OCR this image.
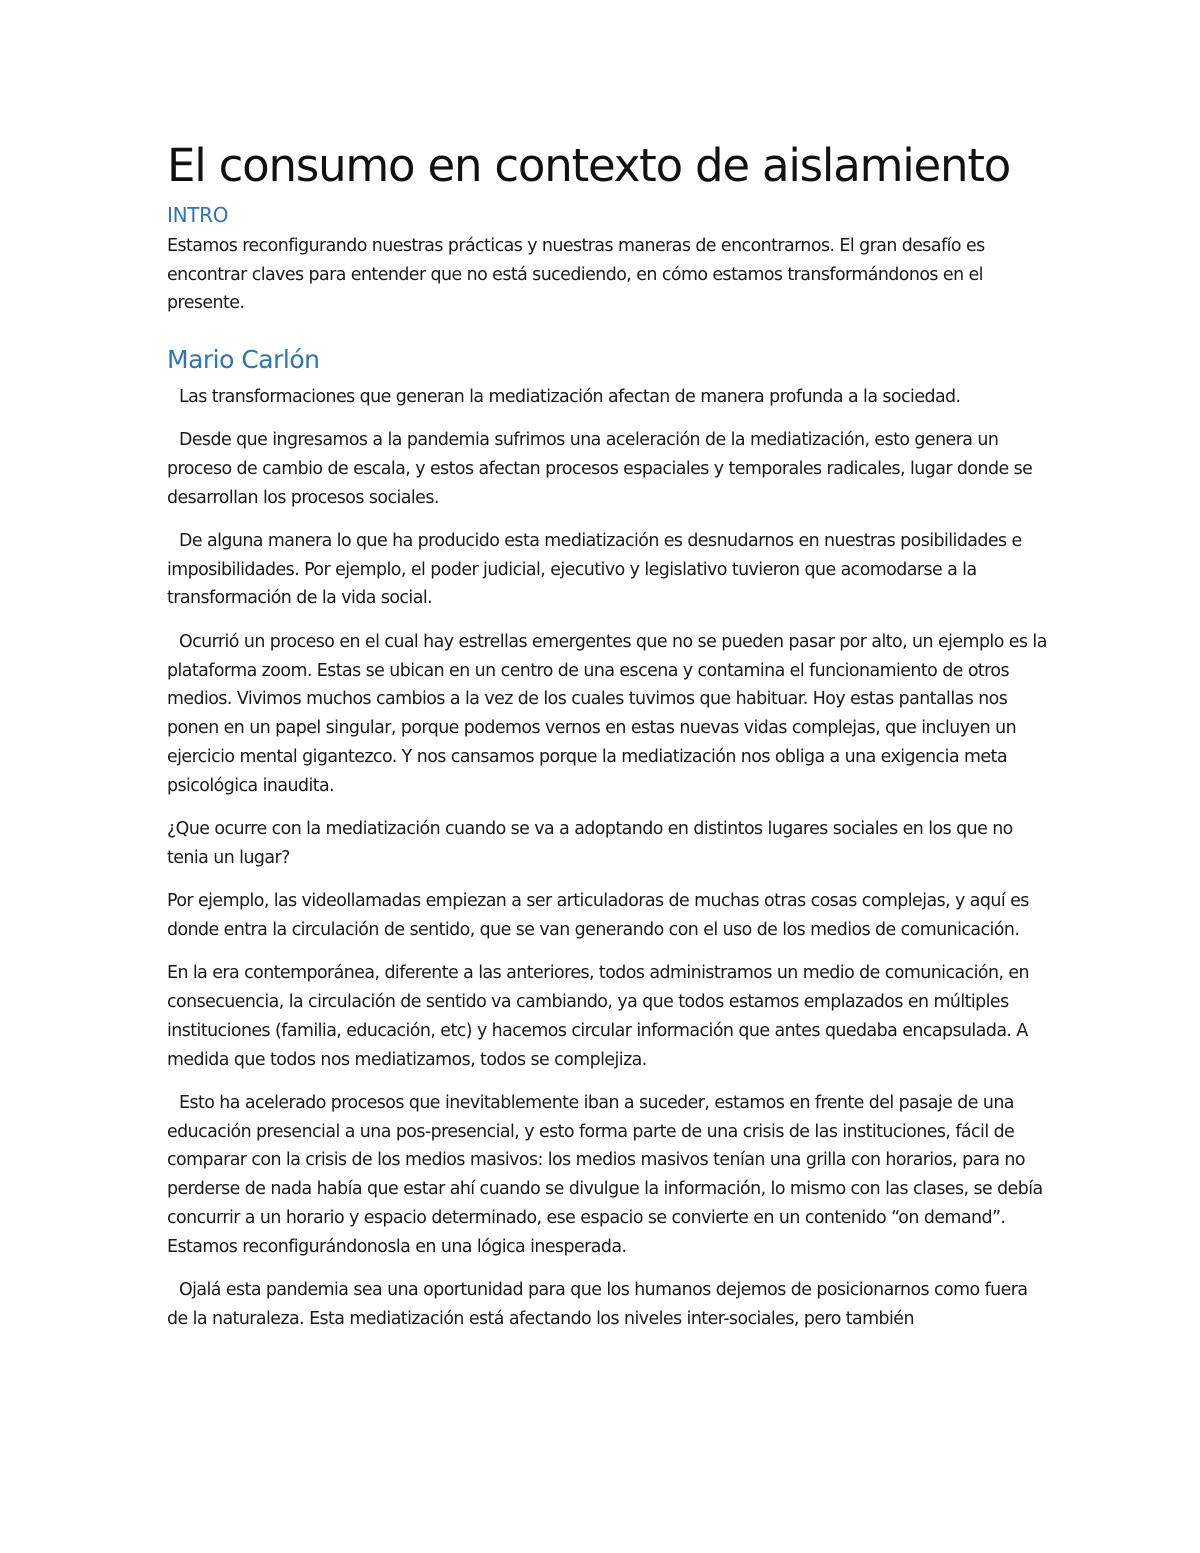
El consumo en contexto de aislamiento
INTRO

Estamos reconfigurando nuestras prácticas y nuestras maneras de encontrarnos. El gran desafío es encontrar claves para entender que no está sucediendo, en cómo estamos transformándonos en el presente.

Mario Carlón

Las transformaciones que generan la mediatización afectan de manera profunda a la sociedad.

Desde que ingresamos a la pandemia sufrimos una aceleración de la mediatización, esto genera un proceso de cambio de escala, y estos afectan procesos espaciales y temporales radicales, lugar donde se desarrollan los procesos sociales.

De alguna manera lo que ha producido esta mediatización es desnudarnos en nuestras posibilidades e imposibilidades. Por ejemplo, el poder judicial, ejecutivo y legislativo tuvieron que acomodarse a la transformación de la vida social.

Ocurrió un proceso en el cual hay estrellas emergentes que no se pueden pasar por alto, un ejemplo es la plataforma zoom. Estas se ubican en un centro de una escena y contamina el funcionamiento de otros medios. Vivimos muchos cambios a la vez de los cuales tuvimos que habituar. Hoy estas pantallas nos ponen en un papel singular, porque podemos vernos en estas nuevas vidas complejas, que incluyen un ejercicio mental gigantezco. Y nos cansamos porque la mediatización nos obliga a una exigencia meta psicológica inaudita.

¿Que ocurre con la mediatización cuando se va a adoptando en distintos lugares sociales en los que no tenia un lugar?

Por ejemplo, las videollamadas empiezan a ser articuladoras de muchas otras cosas complejas, y aquí es donde entra la circulación de sentido, que se van generando con el uso de los medios de comunicación.

En la era contemporánea, diferente a las anteriores, todos administramos un medio de comunicación, en consecuencia, la circulación de sentido va cambiando, ya que todos estamos emplazados en múltiples instituciones (familia, educación, etc) y hacemos circular información que antes quedaba encapsulada. A medida que todos nos mediatizamos, todos se complejiza.

Esto ha acelerado procesos que inevitablemente iban a suceder, estamos en frente del pasaje de una educación presencial a una pos-presencial, y esto forma parte de una crisis de las instituciones, fácil de comparar con la crisis de los medios masivos: los medios masivos tenían una grilla con horarios, para no perderse de nada había que estar ahí cuando se divulgue la información, lo mismo con las clases, se debía concurrir a un horario y espacio determinado, ese espacio se convierte en un contenido “on demand”. Estamos reconfigurándonosla en una lógica inesperada.

Ojalá esta pandemia sea una oportunidad para que los humanos dejemos de posicionarnos como fuera de la naturaleza. Esta mediatización está afectando los niveles inter-sociales, pero también
